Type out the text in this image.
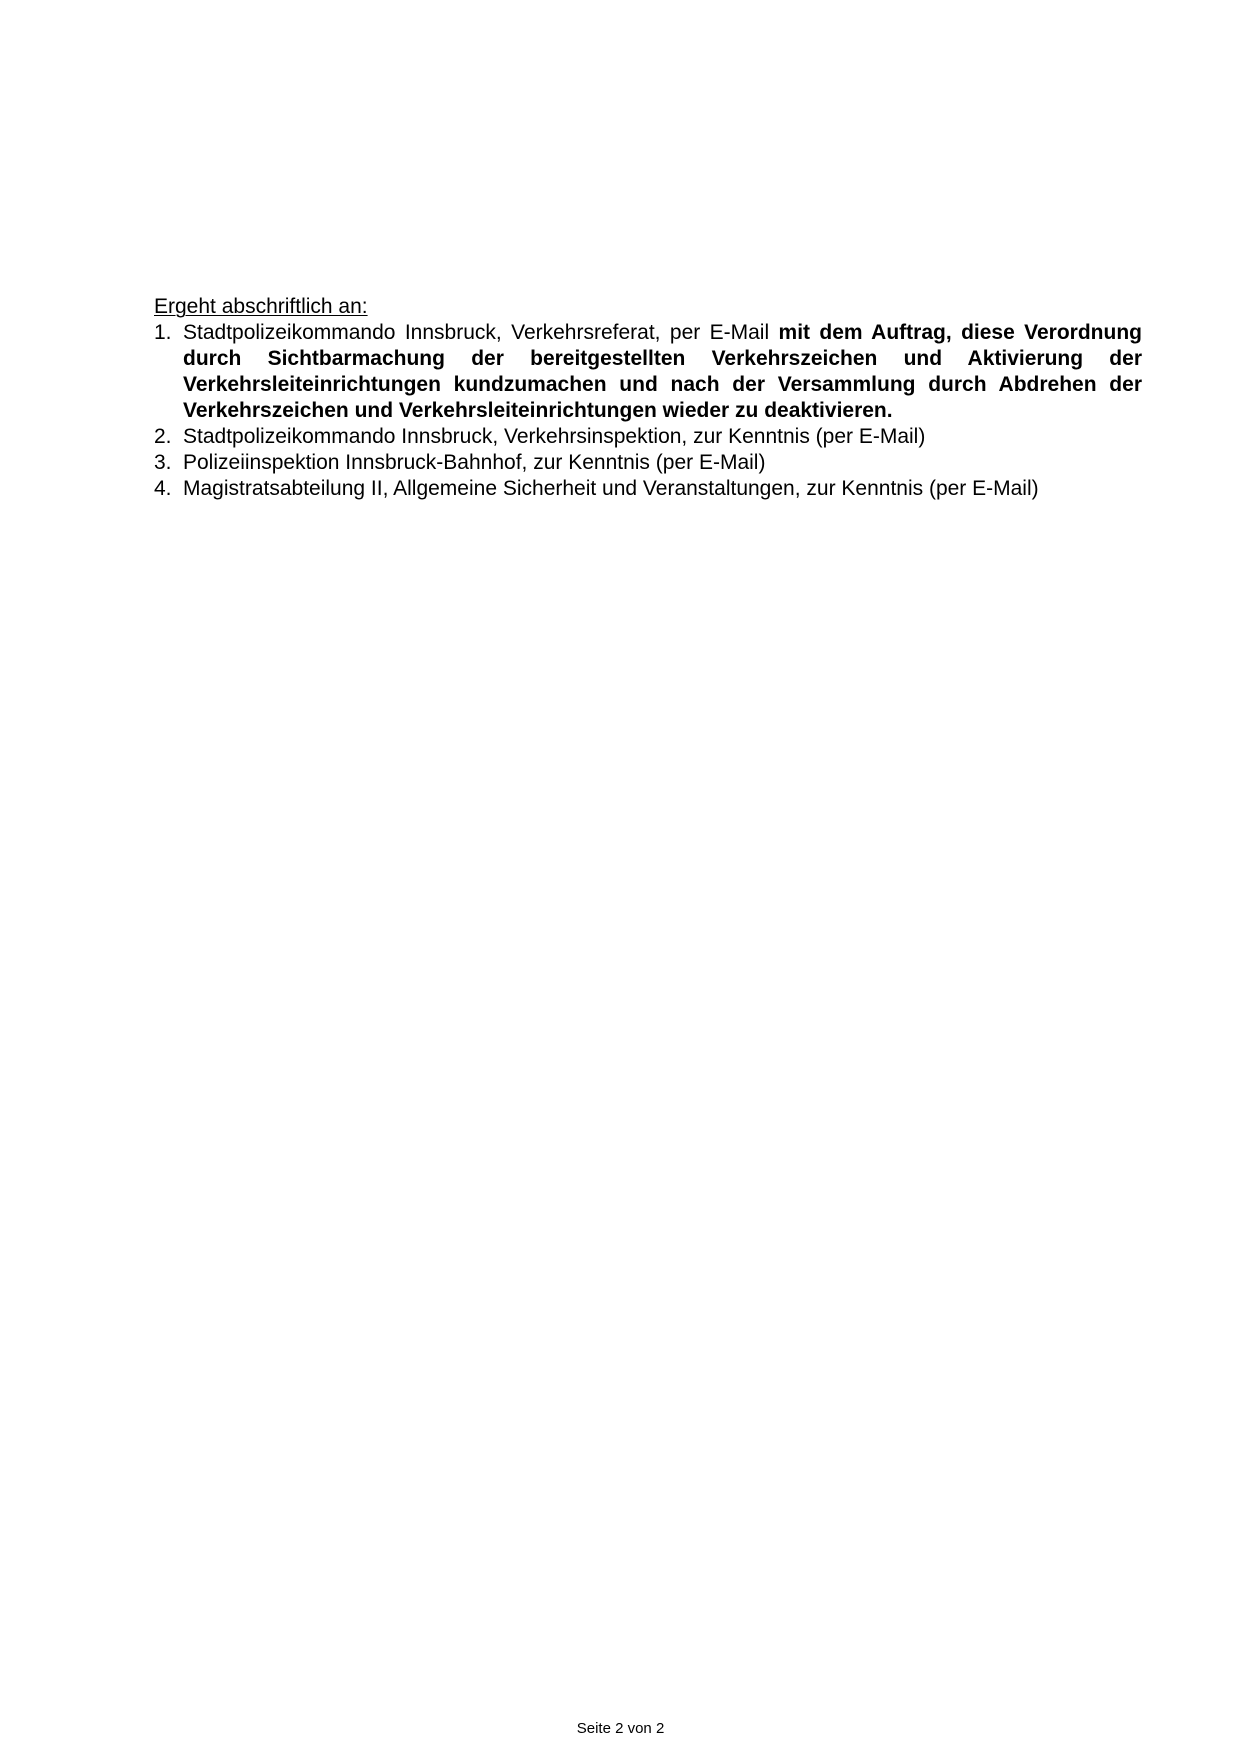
Ergeht abschriftlich an:

1. Stadtpolizeikommando Innsbruck, Verkehrsreferat, per E-Mail mit dem Auftrag, diese Verordnung durch Sichtbarmachung der bereitgestellten Verkehrszeichen und Aktivierung der Verkehrsleiteinrichtungen kundzumachen und nach der Versammlung durch Abdrehen der Verkehrszeichen und Verkehrsleiteinrichtungen wieder zu deaktivieren.
2. Stadtpolizeikommando Innsbruck, Verkehrsinspektion, zur Kenntnis (per E-Mail)
3. Polizeiinspektion Innsbruck-Bahnhof, zur Kenntnis (per E-Mail)
4. Magistratsabteilung II, Allgemeine Sicherheit und Veranstaltungen, zur Kenntnis (per E-Mail)
Seite 2 von 2
